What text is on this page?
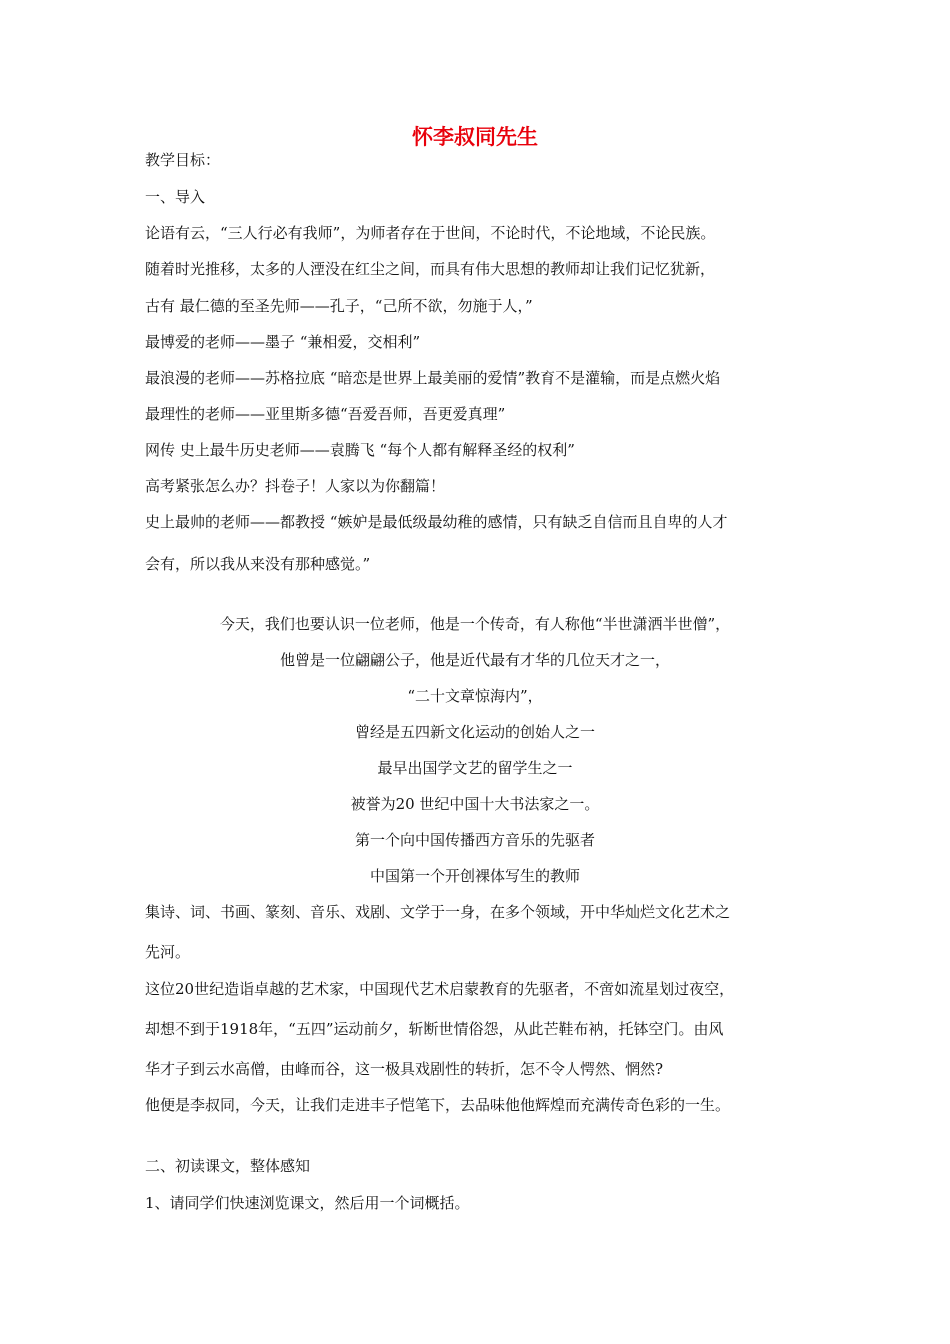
怀李叔同先生
教学目标：
一、导入
论语有云，“三人行必有我师”，为师者存在于世间，不论时代，不论地域，不论民族。
随着时光推移，太多的人湮没在红尘之间，而具有伟大思想的教师却让我们记忆犹新，
古有 最仁德的至圣先师——孔子，“己所不欲，勿施于人，”
最博爱的老师——墨子 “兼相爱，交相利”
最浪漫的老师——苏格拉底 “暗恋是世界上最美丽的爱情”教育不是灌输，而是点燃火焰
最理性的老师——亚里斯多德“吾爱吾师，吾更爱真理”
网传 史上最牛历史老师——袁腾飞 “每个人都有解释圣经的权利”
高考紧张怎么办？抖卷子！人家以为你翻篇！
史上最帅的老师——都教授 “嫉妒是最低级最幼稚的感情，只有缺乏自信而且自卑的人才
会有，所以我从来没有那种感觉。”
今天，我们也要认识一位老师，他是一个传奇，有人称他“半世潇洒半世僧”，
他曾是一位翩翩公子，他是近代最有才华的几位天才之一，
“二十文章惊海内”，
曾经是五四新文化运动的创始人之一
最早出国学文艺的留学生之一
被誉为20 世纪中国十大书法家之一。
第一个向中国传播西方音乐的先驱者
中国第一个开创裸体写生的教师
集诗、词、书画、篆刻、音乐、戏剧、文学于一身，在多个领域，开中华灿烂文化艺术之
先河。
这位20世纪造诣卓越的艺术家，中国现代艺术启蒙教育的先驱者，不啻如流星划过夜空，
却想不到于1918年，“五四”运动前夕，斩断世情俗怨，从此芒鞋布衲，托钵空门。由风
华才子到云水高僧，由峰而谷，这一极具戏剧性的转折，怎不令人愕然、惘然?
他便是李叔同，今天，让我们走进丰子恺笔下，去品味他他辉煌而充满传奇色彩的一生。
二、初读课文，整体感知
1、请同学们快速浏览课文，然后用一个词概括。
